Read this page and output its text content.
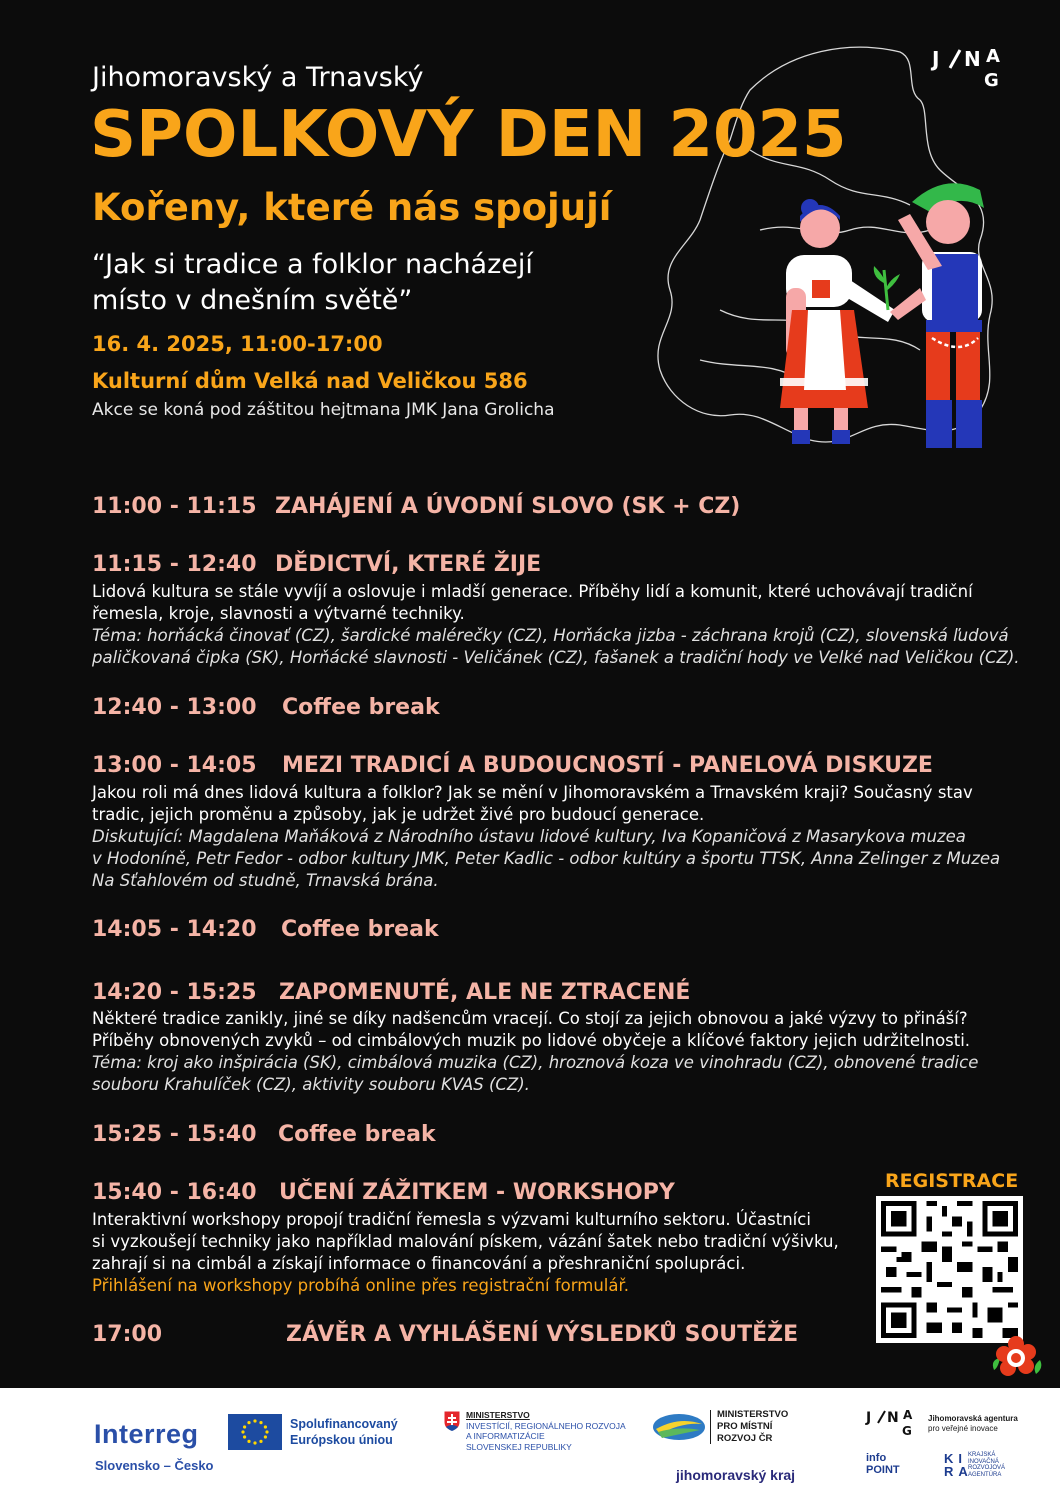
J N A
G
Jihomoravský a Trnavský
SPOLKOVÝ DEN 2025
Kořeny, které nás spojují
“Jak si tradice a folklor nacházejí
místo v dnešním světě”
16. 4. 2025, 11:00-17:00
Kulturní dům Velká nad Veličkou 586
Akce se koná pod záštitou hejtmana JMK Jana Grolicha
11:00 - 11:15 ZAHÁJENÍ A ÚVODNÍ SLOVO (SK + CZ)
11:15 - 12:40 DĚDICTVÍ, KTERÉ ŽIJE
Lidová kultura se stále vyvíjí a oslovuje i mladší generace. Příběhy lidí a komunit, které uchovávají tradiční
řemesla, kroje, slavnosti a výtvarné techniky.
Téma: horňácká činovať (CZ), šardické malérečky (CZ), Horňácka jizba - záchrana krojů (CZ), slovenská ľudová
paličkovaná čipka (SK), Horňácké slavnosti - Veličánek (CZ), fašanek a tradiční hody ve Velké nad Veličkou (CZ).
12:40 - 13:00 Coffee break
13:00 - 14:05 MEZI TRADICÍ A BUDOUCNOSTÍ - PANELOVÁ DISKUZE
Jakou roli má dnes lidová kultura a folklor? Jak se mění v Jihomoravském a Trnavském kraji? Současný stav
tradic, jejich proměnu a způsoby, jak je udržet živé pro budoucí generace.
Diskutující: Magdalena Maňáková z Národního ústavu lidové kultury, Iva Kopaničová z Masarykova muzea
v Hodoníně, Petr Fedor - odbor kultury JMK, Peter Kadlic - odbor kultúry a športu TTSK, Anna Zelinger z Muzea
Na Sťahlovém od studně, Trnavská brána.
14:05 - 14:20 Coffee break
14:20 - 15:25 ZAPOMENUTÉ, ALE NE ZTRACENÉ
Některé tradice zanikly, jiné se díky nadšencům vracejí. Co stojí za jejich obnovou a jaké výzvy to přináší?
Příběhy obnovených zvyků – od cimbálových muzik po lidové obyčeje a klíčové faktory jejich udržitelnosti.
Téma: kroj ako inšpirácia (SK), cimbálová muzika (CZ), hroznová koza ve vinohradu (CZ), obnovené tradice
souboru Krahulíček (CZ), aktivity souboru KVAS (CZ).
15:25 - 15:40 Coffee break
15:40 - 16:40 UČENÍ ZÁŽITKEM - WORKSHOPY
Interaktivní workshopy propojí tradiční řemesla s výzvami kulturního sektoru. Účastníci
si vyzkoušejí techniky jako například malování pískem, vázání šatek nebo tradiční výšivku,
zahrají si na cimbál a získají informace o financování a přeshraniční spolupráci.
Přihlášení na workshopy probíhá online přes registrační formulář.
17:00	ZÁVĚR A VYHLÁŠENÍ VÝSLEDKŮ SOUTĚŽE
REGISTRACE
Interreg
Slovensko – Česko
Spolufinancovaný
Európskou úniou
MINISTERSTVO
INVESTÍCIÍ, REGIONÁLNEHO ROZVOJA
A INFORMATIZÁCIE
SLOVENSKEJ REPUBLIKY
MINISTERSTVO
PRO MÍSTNÍ
ROZVOJ ČR
jihomoravský kraj
J N A
G
Jihomoravská agentura
pro veřejné inovace
info
POINT
KI
RA
KRAJSKÁ
INOVAČNÁ
ROZVOJOVÁ
AGENTÚRA
